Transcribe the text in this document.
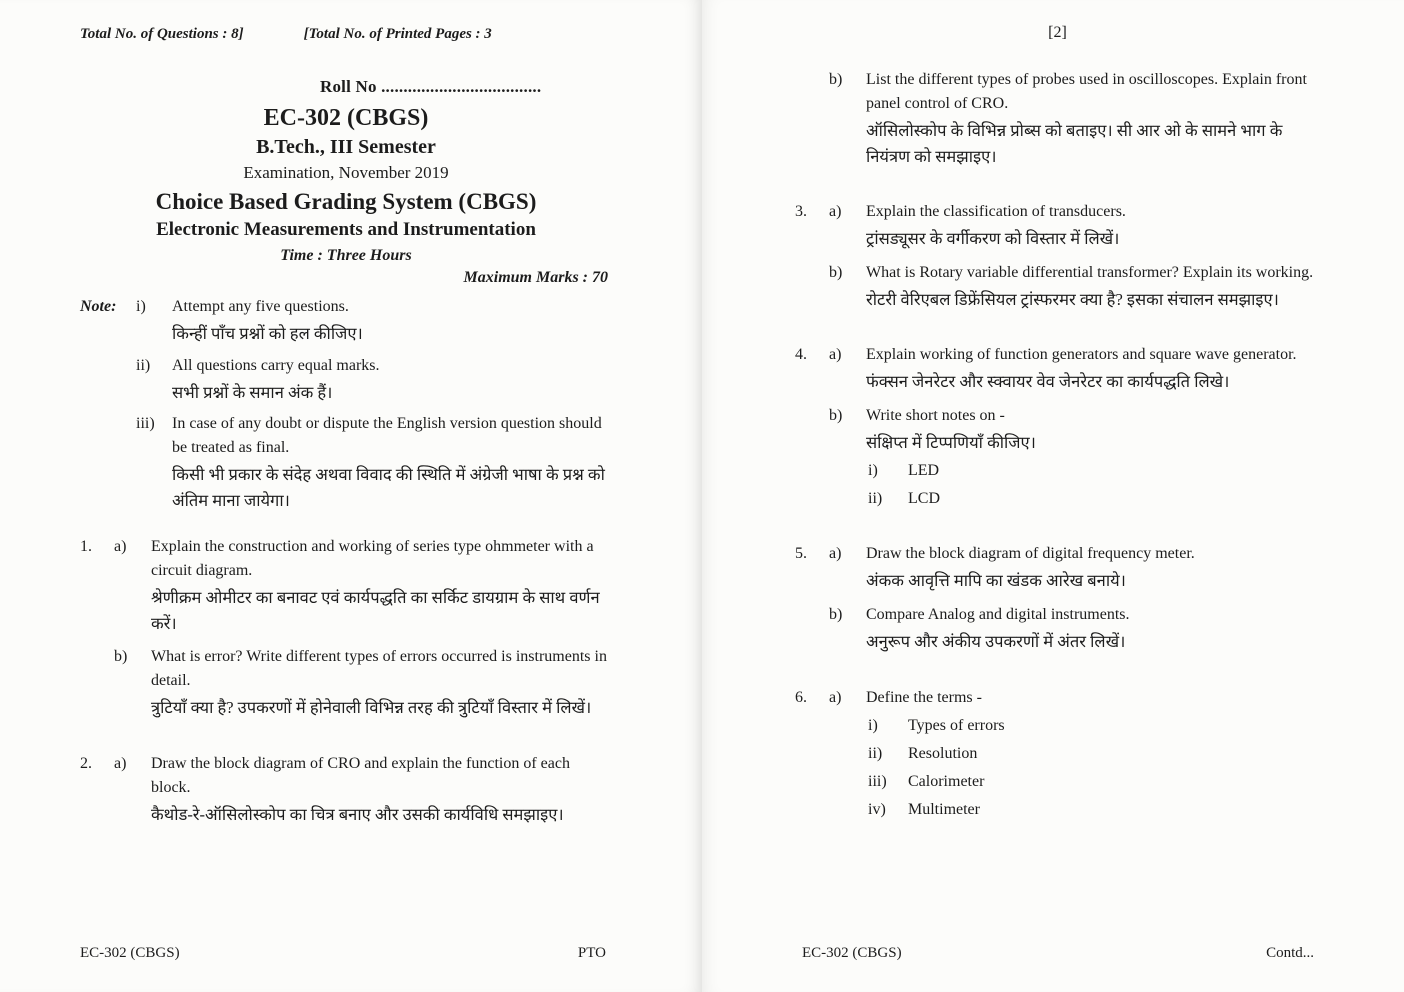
Total No. of Questions : 8]	[Total No. of Printed Pages : 3
Roll No ....................................
EC-302 (CBGS)
B.Tech., III Semester
Examination, November 2019
Choice Based Grading System (CBGS)
Electronic Measurements and Instrumentation
Time : Three Hours
Maximum Marks : 70
Note: i)	Attempt any five questions.
किन्हीं पाँच प्रश्नों को हल कीजिए।
ii)	All questions carry equal marks.
सभी प्रश्नों के समान अंक हैं।
iii)	In case of any doubt or dispute the English version question should be treated as final.
किसी भी प्रकार के संदेह अथवा विवाद की स्थिति में अंग्रेजी भाषा के प्रश्न को अंतिम माना जायेगा।
1.	a)	Explain the construction and working of series type ohmmeter with a circuit diagram.
श्रेणीक्रम ओमीटर का बनावट एवं कार्यपद्धति का सर्किट डायग्राम के साथ वर्णन करें।
b)	What is error? Write different types of errors occurred is instruments in detail.
त्रुटियाँ क्या है? उपकरणों में होनेवाली विभिन्न तरह की त्रुटियाँ विस्तार में लिखें।
2.	a)	Draw the block diagram of CRO and explain the function of each block.
कैथोड-रे-ऑसिलोस्कोप का चित्र बनाए और उसकी कार्यविधि समझाइए।
EC-302 (CBGS)	PTO
[2]
b)	List the different types of probes used in oscilloscopes. Explain front panel control of CRO.
ऑसिलोस्कोप के विभिन्न प्रोब्स को बताइए। सी आर ओ के सामने भाग के नियंत्रण को समझाइए।
3.	a)	Explain the classification of transducers.
ट्रांसड्यूसर के वर्गीकरण को विस्तार में लिखें।
b)	What is Rotary variable differential transformer? Explain its working.
रोटरी वेरिएबल डिफ्रेंसियल ट्रांस्फरमर क्या है? इसका संचालन समझाइए।
4.	a)	Explain working of function generators and square wave generator.
फंक्सन जेनरेटर और स्क्वायर वेव जेनरेटर का कार्यपद्धति लिखे।
b)	Write short notes on -
संक्षिप्त में टिप्पणियाँ कीजिए।
i)	LED
ii)	LCD
5.	a)	Draw the block diagram of digital frequency meter.
अंकक आवृत्ति मापि का खंडक आरेख बनाये।
b)	Compare Analog and digital instruments.
अनुरूप और अंकीय उपकरणों में अंतर लिखें।
6.	a)	Define the terms -
i)	Types of errors
ii)	Resolution
iii)	Calorimeter
iv)	Multimeter
EC-302 (CBGS)	Contd...
